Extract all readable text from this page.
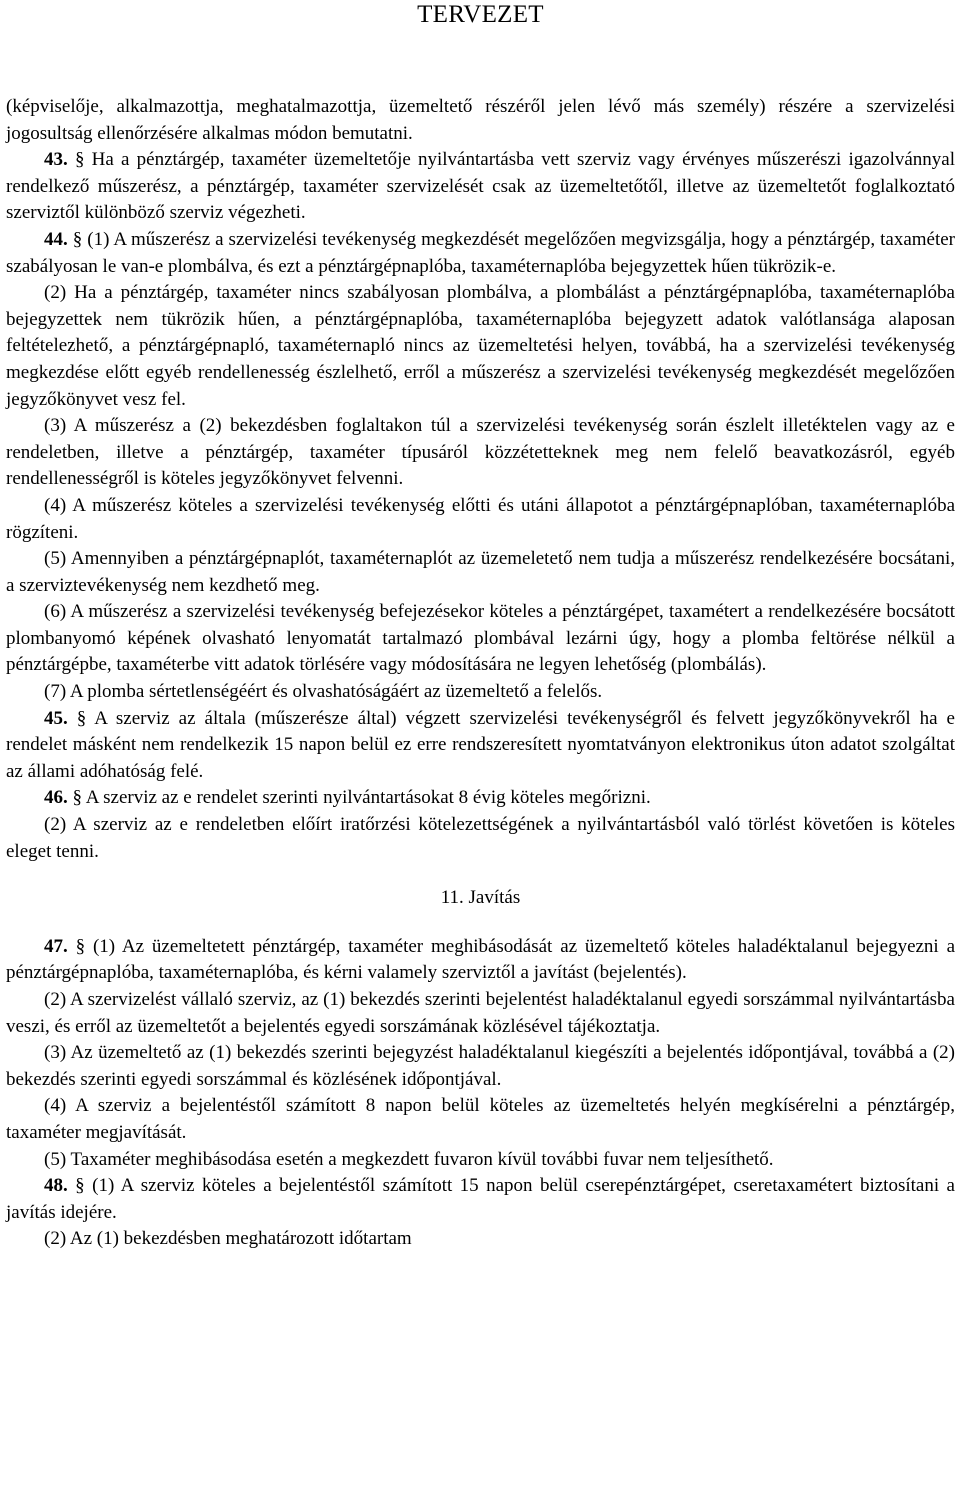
TERVEZET

(képviselője, alkalmazottja, meghatalmazottja, üzemeltető részéről jelen lévő más személy) részére a szervizelési jogosultság ellenőrzésére alkalmas módon bemutatni.

43. § Ha a pénztárgép, taxaméter üzemeltetője nyilvántartásba vett szerviz vagy érvényes műszerészi igazolvánnyal rendelkező műszerész, a pénztárgép, taxaméter szervizelését csak az üzemeltetőtől, illetve az üzemeltetőt foglalkoztató szerviztől különböző szerviz végezheti.

44. § (1) A műszerész a szervizelési tevékenység megkezdését megelőzően megvizsgálja, hogy a pénztárgép, taxaméter szabályosan le van-e plombálva, és ezt a pénztárgépnaplóba, taxaméternaplóba bejegyzettek hűen tükrözik-e.

(2) Ha a pénztárgép, taxaméter nincs szabályosan plombálva, a plombálást a pénztárgépnaplóba, taxaméternaplóba bejegyzettek nem tükrözik hűen, a pénztárgépnaplóba, taxaméternaplóba bejegyzett adatok valótlansága alaposan feltételezhető, a pénztárgépnapló, taxaméternapló nincs az üzemeltetési helyen, továbbá, ha a szervizelési tevékenység megkezdése előtt egyéb rendellenesség észlelhető, erről a műszerész a szervizelési tevékenység megkezdését megelőzően jegyzőkönyvet vesz fel.

(3) A műszerész a (2) bekezdésben foglaltakon túl a szervizelési tevékenység során észlelt illetéktelen vagy az e rendeletben, illetve a pénztárgép, taxaméter típusáról közzétetteknek meg nem felelő beavatkozásról, egyéb rendellenességről is köteles jegyzőkönyvet felvenni.

(4) A műszerész köteles a szervizelési tevékenység előtti és utáni állapotot a pénztárgépnaplóban, taxaméternaplóba rögzíteni.

(5) Amennyiben a pénztárgépnaplót, taxaméternaplót az üzemeletető nem tudja a műszerész rendelkezésére bocsátani, a szerviztevékenység nem kezdhető meg.

(6) A műszerész a szervizelési tevékenység befejezésekor köteles a pénztárgépet, taxamétert a rendelkezésére bocsátott plombanyomó képének olvasható lenyomatát tartalmazó plombával lezárni úgy, hogy a plomba feltörése nélkül a pénztárgépbe, taxaméterbe vitt adatok törlésére vagy módosítására ne legyen lehetőség (plombálás).

(7) A plomba sértetlenségéért és olvashatóságáért az üzemeltető a felelős.

45. § A szerviz az általa (műszerésze által) végzett szervizelési tevékenységről és felvett jegyzőkönyvekről ha e rendelet másként nem rendelkezik 15 napon belül ez erre rendszeresített nyomtatványon elektronikus úton adatot szolgáltat az állami adóhatóság felé.

46. § A szerviz az e rendelet szerinti nyilvántartásokat 8 évig köteles megőrizni.

(2) A szerviz az e rendeletben előírt iratőrzési kötelezettségének a nyilvántartásból való törlést követően is köteles eleget tenni.

11. Javítás

47. § (1) Az üzemeltetett pénztárgép, taxaméter meghibásodását az üzemeltető köteles haladéktalanul bejegyezni a pénztárgépnaplóba, taxaméternaplóba, és kérni valamely szerviztől a javítást (bejelentés).

(2) A szervizelést vállaló szerviz, az (1) bekezdés szerinti bejelentést haladéktalanul egyedi sorszámmal nyilvántartásba veszi, és erről az üzemeltetőt a bejelentés egyedi sorszámának közlésével tájékoztatja.

(3) Az üzemeltető az (1) bekezdés szerinti bejegyzést haladéktalanul kiegészíti a bejelentés időpontjával, továbbá a (2) bekezdés szerinti egyedi sorszámmal és közlésének időpontjával.

(4) A szerviz a bejelentéstől számított 8 napon belül köteles az üzemeltetés helyén megkísérelni a pénztárgép, taxaméter megjavítását.

(5) Taxaméter meghibásodása esetén a megkezdett fuvaron kívül további fuvar nem teljesíthető.

48. § (1) A szerviz köteles a bejelentéstől számított 15 napon belül cserepénztárgépet, cseretaxamétert biztosítani a javítás idejére.

(2) Az (1) bekezdésben meghatározott időtartam
